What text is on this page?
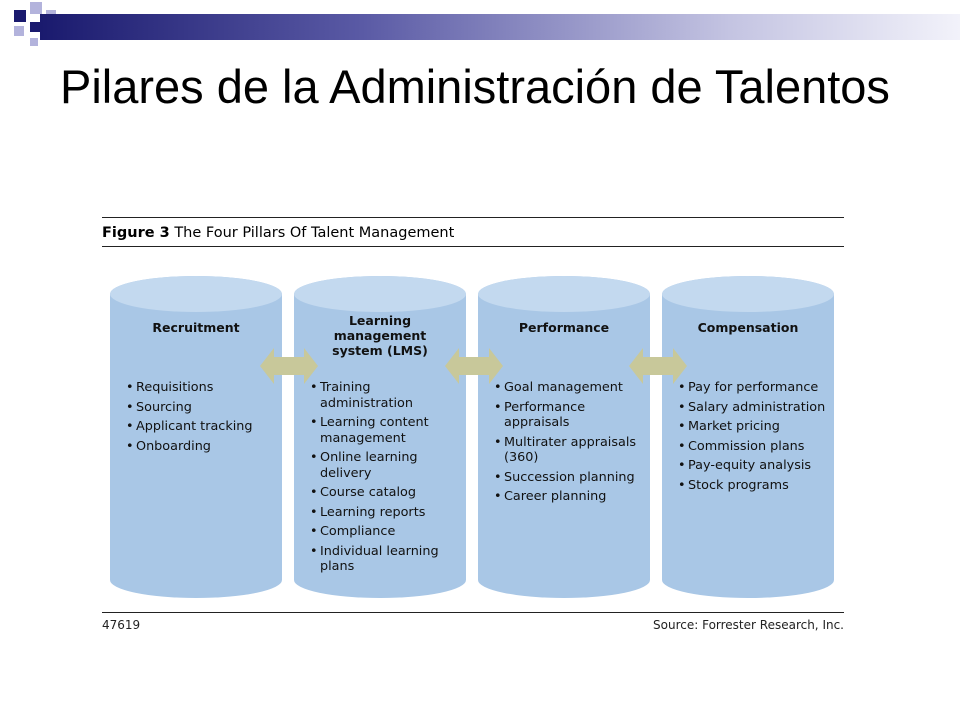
Pilares de la Administración de Talentos
Figure 3 The Four Pillars Of Talent Management
Recruitment
• Requisitions
• Sourcing
• Applicant tracking
• Onboarding
Learning management system (LMS)
• Training administration
• Learning content management
• Online learning delivery
• Course catalog
• Learning reports
• Compliance
• Individual learning plans
Performance
• Goal management
• Performance appraisals
• Multirater appraisals (360)
• Succession planning
• Career planning
Compensation
• Pay for performance
• Salary administration
• Market pricing
• Commission plans
• Pay-equity analysis
• Stock programs
47619	Source: Forrester Research, Inc.
